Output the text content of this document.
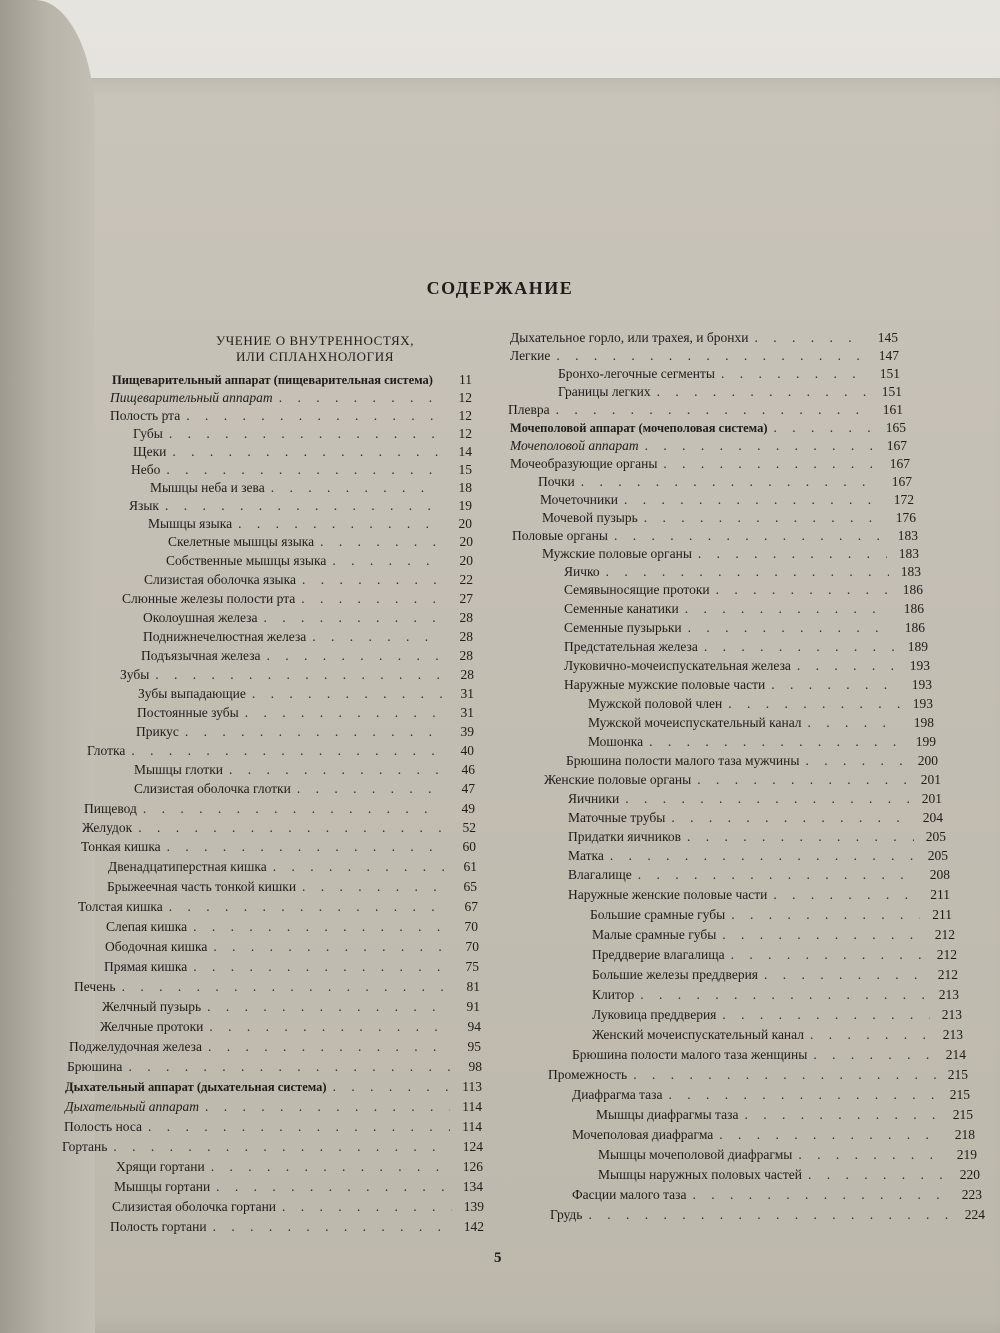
СОДЕРЖАНИЕ
УЧЕНИЕ О ВНУТРЕННОСТЯХ,
ИЛИ СПЛАНХНОЛОГИЯ
Пищеварительный аппарат (пищеварительная система) . . .	11
Пищеварительный аппарат . . .	12
Полость рта . . .	12
Губы . . .	12
Щеки . . .	14
Небо . . .	15
Мышцы неба и зева . . .	18
Язык . . .	19
Мышцы языка . . .	20
Скелетные мышцы языка . . .	20
Собственные мышцы языка . . .	20
Слизистая оболочка языка . . .	22
Слюнные железы полости рта . . .	27
Околоушная железа . . .	28
Поднижнечелюстная железа . . .	28
Подъязычная железа . . .	28
Зубы . . .	28
Зубы выпадающие . . .	31
Постоянные зубы . . .	31
Прикус . . .	39
Глотка . . .	40
Мышцы глотки . . .	46
Слизистая оболочка глотки . . .	47
Пищевод . . .	49
Желудок . . .	52
Тонкая кишка . . .	60
Двенадцатиперстная кишка . . .	61
Брыжеечная часть тонкой кишки . . .	65
Толстая кишка . . .	67
Слепая кишка . . .	70
Ободочная кишка . . .	70
Прямая кишка . . .	75
Печень . . .	81
Желчный пузырь . . .	91
Желчные протоки . . .	94
Поджелудочная железа . . .	95
Брюшина . . .	98
Дыхательный аппарат (дыхательная система) . . .	113
Дыхательный аппарат . . .	114
Полость носа . . .	114
Гортань . . .	124
Хрящи гортани . . .	126
Мышцы гортани . . .	134
Слизистая оболочка гортани . . .	139
Полость гортани . . .	142
Дыхательное горло, или трахея, и бронхи . . .	145
Легкие . . .	147
Бронхо-легочные сегменты . . .	151
Границы легких . . .	151
Плевра . . .	161
Мочеполовой аппарат (мочеполовая система) . . .	165
Мочеполовой аппарат . . .	167
Мочеобразующие органы . . .	167
Почки . . .	167
Мочеточники . . .	172
Мочевой пузырь . . .	176
Половые органы . . .	183
Мужские половые органы . . .	183
Яичко . . .	183
Семявыносящие протоки . . .	186
Семенные канатики . . .	186
Семенные пузырьки . . .	186
Предстательная железа . . .	189
Луковично-мочеиспускательная железа . . .	193
Наружные мужские половые части . . .	193
Мужской половой член . . .	193
Мужской мочеиспускательный канал . . .	198
Мошонка . . .	199
Брюшина полости малого таза мужчины . . .	200
Женские половые органы . . .	201
Яичники . . .	201
Маточные трубы . . .	204
Придатки яичников . . .	205
Матка . . .	205
Влагалище . . .	208
Наружные женские половые части . . .	211
Большие срамные губы . . .	211
Малые срамные губы . . .	212
Преддверие влагалища . . .	212
Большие железы преддверия . . .	212
Клитор . . .	213
Луковица преддверия . . .	213
Женский мочеиспускательный канал . . .	213
Брюшина полости малого таза женщины . . .	214
Промежность . . .	215
Диафрагма таза . . .	215
Мышцы диафрагмы таза . . .	215
Мочеполовая диафрагма . . .	218
Мышцы мочеполовой диафрагмы . . .	219
Мышцы наружных половых частей . . .	220
Фасции малого таза . . .	223
Грудь . . .	224
5
